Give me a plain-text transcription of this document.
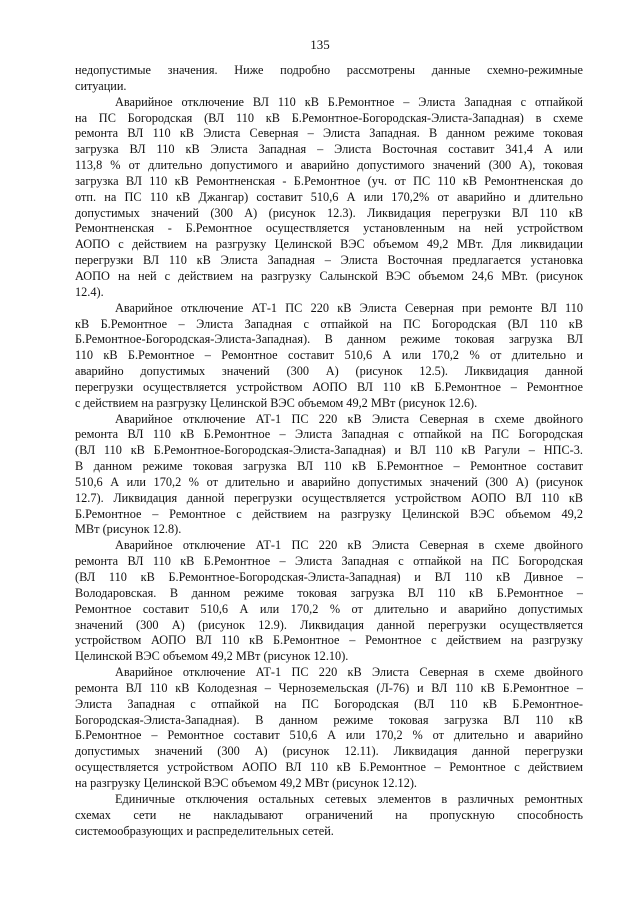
135
недопустимые значения. Ниже подробно рассмотрены данные схемно-режимные
ситуации.
Аварийное отключение ВЛ 110 кВ Б.Ремонтное – Элиста Западная с отпайкой
на ПС Богородская (ВЛ 110 кВ Б.Ремонтное-Богородская-Элиста-Западная) в схеме
ремонта ВЛ 110 кВ Элиста Северная – Элиста Западная. В данном режиме токовая
загрузка ВЛ 110 кВ Элиста Западная – Элиста Восточная составит 341,4 А или
113,8 % от длительно допустимого и аварийно допустимого значений (300 А), токовая
загрузка ВЛ 110 кВ Ремонтненская - Б.Ремонтное (уч. от ПС 110 кВ Ремонтненская до
отп. на ПС 110 кВ Джангар) составит 510,6 А или 170,2% от аварийно и длительно
допустимых значений (300 А) (рисунок 12.3). Ликвидация перегрузки ВЛ 110 кВ
Ремонтненская - Б.Ремонтное осуществляется установленным на ней устройством
АОПО с действием на разгрузку Целинской ВЭС объемом 49,2 МВт. Для ликвидации
перегрузки ВЛ 110 кВ Элиста Западная – Элиста Восточная предлагается установка
АОПО на ней с действием на разгрузку Салынской ВЭС объемом 24,6 МВт. (рисунок
12.4).
Аварийное отключение АТ-1 ПС 220 кВ Элиста Северная при ремонте ВЛ 110
кВ Б.Ремонтное – Элиста Западная с отпайкой на ПС Богородская (ВЛ 110 кВ
Б.Ремонтное-Богородская-Элиста-Западная). В данном режиме токовая загрузка ВЛ
110 кВ Б.Ремонтное – Ремонтное составит 510,6 А или 170,2 % от длительно и
аварийно допустимых значений (300 А) (рисунок 12.5). Ликвидация данной
перегрузки осуществляется устройством АОПО ВЛ 110 кВ Б.Ремонтное – Ремонтное
с действием на разгрузку Целинской ВЭС объемом 49,2 МВт (рисунок 12.6).
Аварийное отключение АТ-1 ПС 220 кВ Элиста Северная в схеме двойного
ремонта ВЛ 110 кВ Б.Ремонтное – Элиста Западная с отпайкой на ПС Богородская
(ВЛ 110 кВ Б.Ремонтное-Богородская-Элиста-Западная) и ВЛ 110 кВ Рагули – НПС-3.
В данном режиме токовая загрузка ВЛ 110 кВ Б.Ремонтное – Ремонтное составит
510,6 А или 170,2 % от длительно и аварийно допустимых значений (300 А) (рисунок
12.7). Ликвидация данной перегрузки осуществляется устройством АОПО ВЛ 110 кВ
Б.Ремонтное – Ремонтное с действием на разгрузку Целинской ВЭС объемом 49,2
МВт (рисунок 12.8).
Аварийное отключение АТ-1 ПС 220 кВ Элиста Северная в схеме двойного
ремонта ВЛ 110 кВ Б.Ремонтное – Элиста Западная с отпайкой на ПС Богородская
(ВЛ 110 кВ Б.Ремонтное-Богородская-Элиста-Западная) и ВЛ 110 кВ Дивное –
Володаровская. В данном режиме токовая загрузка ВЛ 110 кВ Б.Ремонтное –
Ремонтное составит 510,6 А или 170,2 % от длительно и аварийно допустимых
значений (300 А) (рисунок 12.9). Ликвидация данной перегрузки осуществляется
устройством АОПО ВЛ 110 кВ Б.Ремонтное – Ремонтное с действием на разгрузку
Целинской ВЭС объемом 49,2 МВт (рисунок 12.10).
Аварийное отключение АТ-1 ПС 220 кВ Элиста Северная в схеме двойного
ремонта ВЛ 110 кВ Колодезная – Черноземельская (Л-76) и ВЛ 110 кВ Б.Ремонтное –
Элиста Западная с отпайкой на ПС Богородская (ВЛ 110 кВ Б.Ремонтное-
Богородская-Элиста-Западная). В данном режиме токовая загрузка ВЛ 110 кВ
Б.Ремонтное – Ремонтное составит 510,6 А или 170,2 % от длительно и аварийно
допустимых значений (300 А) (рисунок 12.11). Ликвидация данной перегрузки
осуществляется устройством АОПО ВЛ 110 кВ Б.Ремонтное – Ремонтное с действием
на разгрузку Целинской ВЭС объемом 49,2 МВт (рисунок 12.12).
Единичные отключения остальных сетевых элементов в различных ремонтных
схемах сети не накладывают ограничений на пропускную способность
системообразующих и распределительных сетей.
